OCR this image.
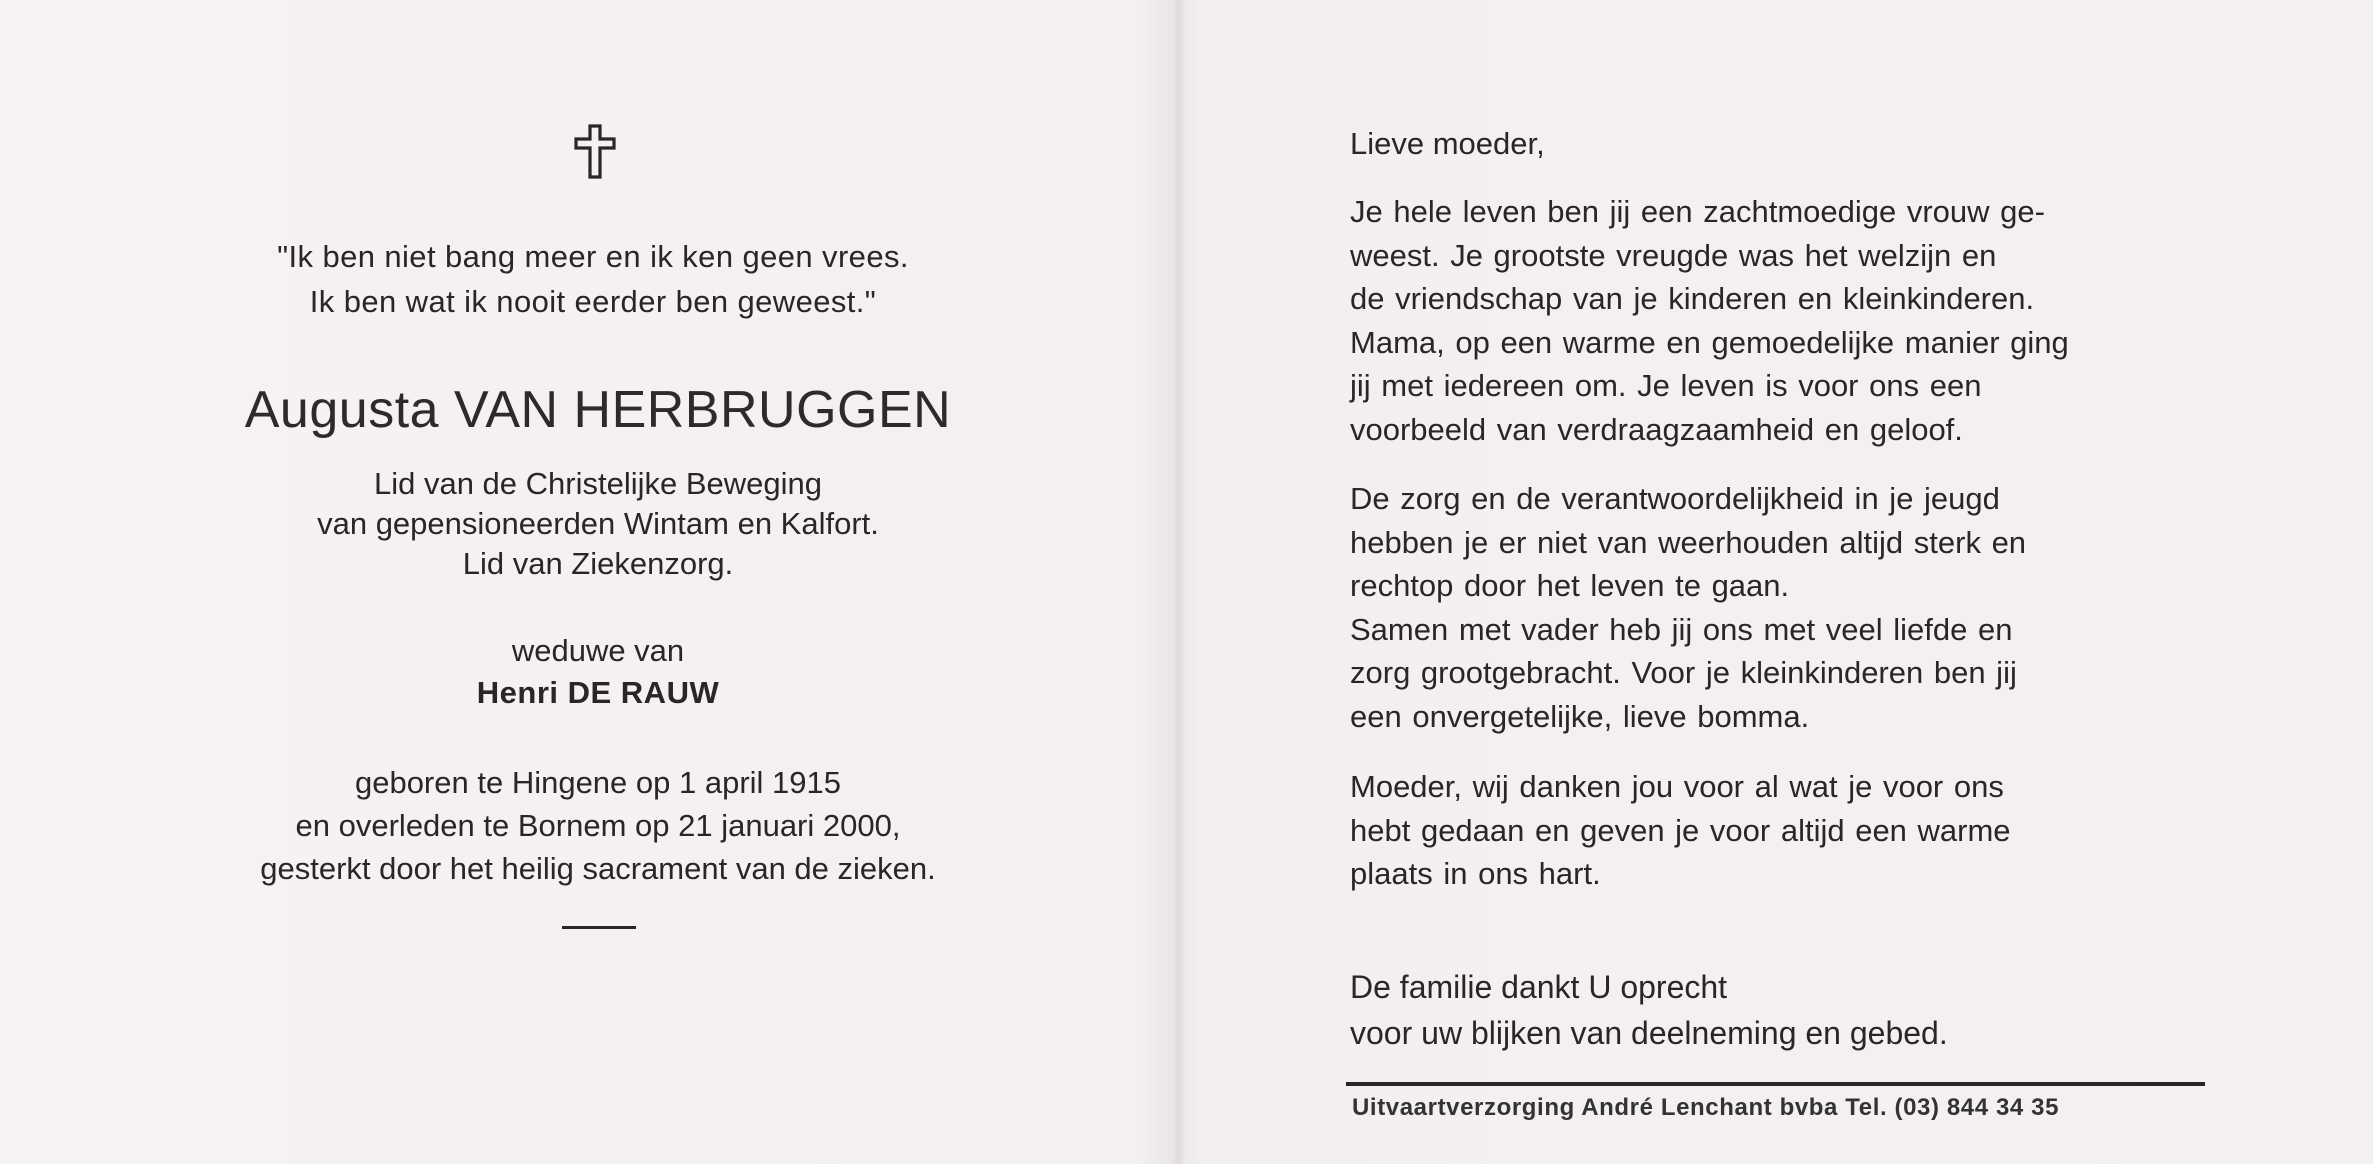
"Ik ben niet bang meer en ik ken geen vrees.
Ik ben wat ik nooit eerder ben geweest."
Augusta VAN HERBRUGGEN
Lid van de Christelijke Beweging
van gepensioneerden Wintam en Kalfort.
Lid van Ziekenzorg.
weduwe van
Henri DE RAUW
geboren te Hingene op 1 april 1915
en overleden te Bornem op 21 januari 2000,
gesterkt door het heilig sacrament van de zieken.
Lieve moeder,
Je hele leven ben jij een zachtmoedige vrouw ge-
weest. Je grootste vreugde was het welzijn en
de vriendschap van je kinderen en kleinkinderen.
Mama, op een warme en gemoedelijke manier ging
jij met iedereen om. Je leven is voor ons een
voorbeeld van verdraagzaamheid en geloof.
De zorg en de verantwoordelijkheid in je jeugd
hebben je er niet van weerhouden altijd sterk en
rechtop door het leven te gaan.
Samen met vader heb jij ons met veel liefde en
zorg grootgebracht. Voor je kleinkinderen ben jij
een onvergetelijke, lieve bomma.
Moeder, wij danken jou voor al wat je voor ons
hebt gedaan en geven je voor altijd een warme
plaats in ons hart.
De familie dankt U oprecht
voor uw blijken van deelneming en gebed.
Uitvaartverzorging André Lenchant bvba Tel. (03) 844 34 35
